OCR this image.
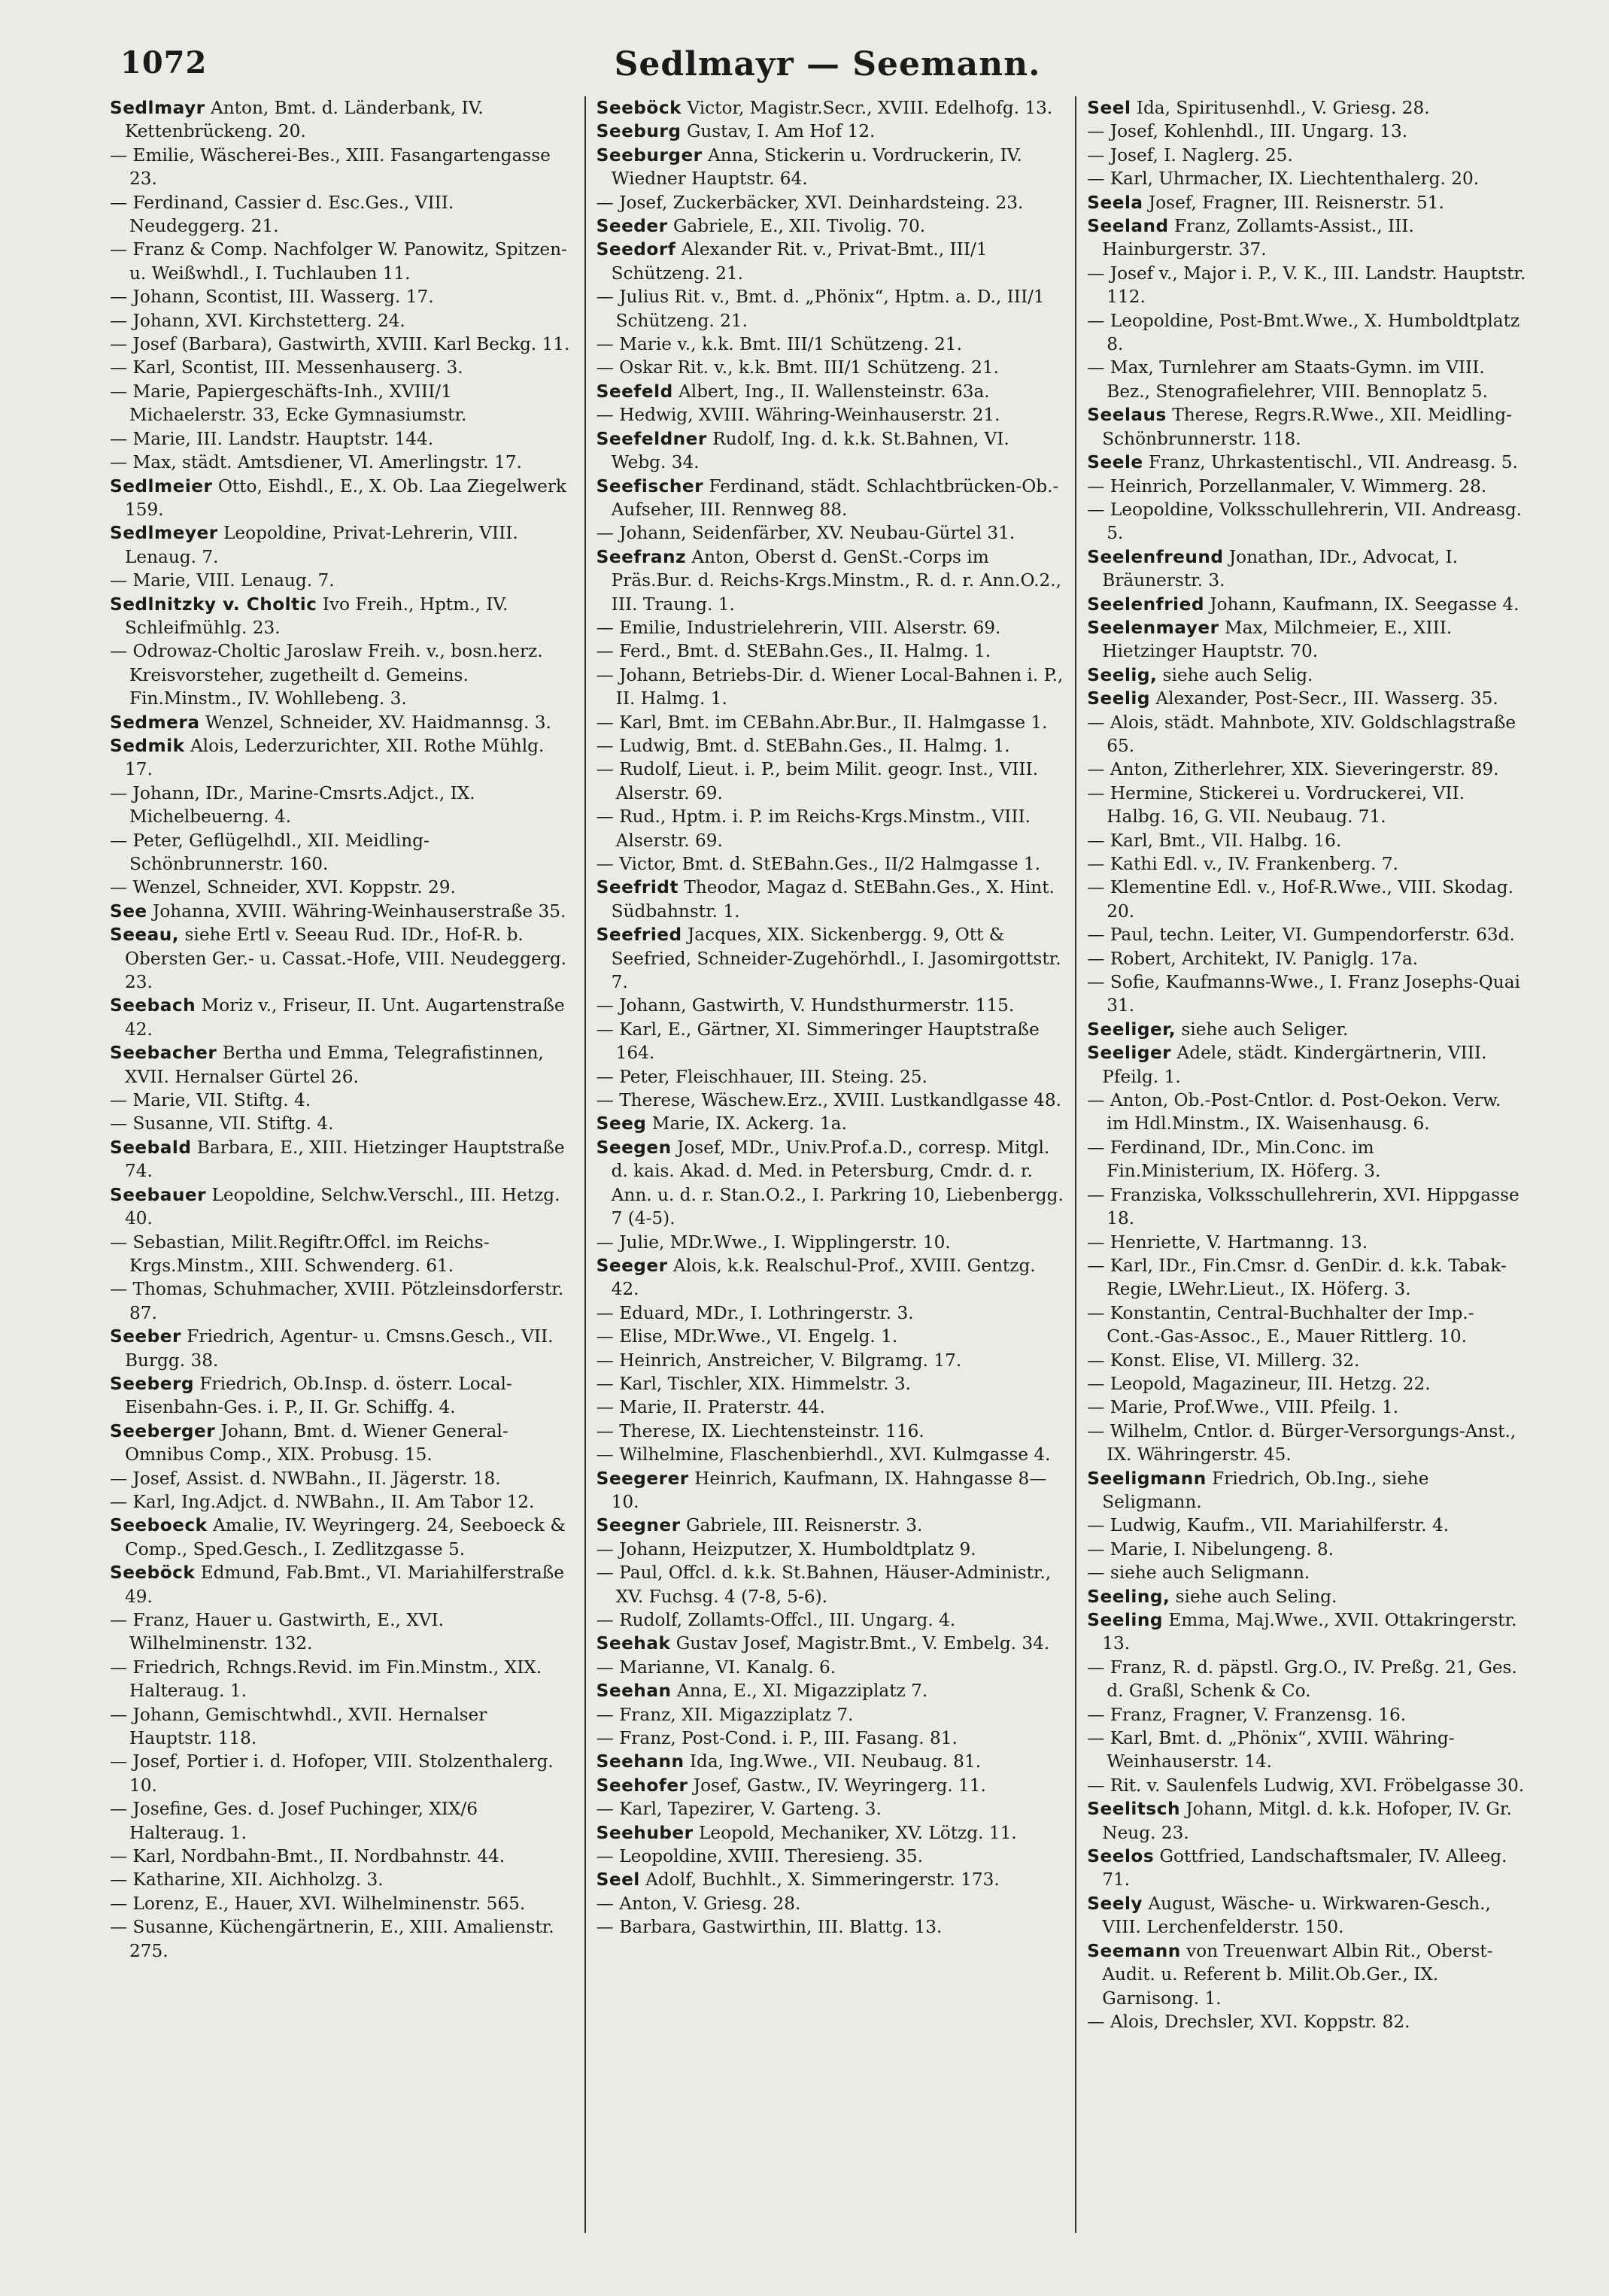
1072	Sedlmayr — Seemann.
Sedlmayr Anton, Bmt. d. Länderbank, IV. Kettenbrückeng. 20.
— Emilie, Wäscherei-Bes., XIII. Fasangartengasse 23.
— Ferdinand, Cassier d. Esc.Ges., VIII. Neudeggerg. 21.
— Franz & Comp. Nachfolger W. Panowitz, Spitzen- u. Weißwhdl., I. Tuchlauben 11.
— Johann, Scontist, III. Wasserg. 17.
— Johann, XVI. Kirchstetterg. 24.
— Josef (Barbara), Gastwirth, XVIII. Karl Beckg. 11.
— Karl, Scontist, III. Messenhauserg. 3.
— Marie, Papiergeschäfts-Inh., XVIII/1 Michaelerstr. 33, Ecke Gymnasiumstr.
— Marie, III. Landstr. Hauptstr. 144.
— Max, städt. Amtsdiener, VI. Amerlingstr. 17.
Sedlmeier Otto, Eishdl., E., X. Ob. Laa Ziegelwerk 159.
Sedlmeyer Leopoldine, Privat-Lehrerin, VIII. Lenaug. 7.
— Marie, VIII. Lenaug. 7.
Sedlnitzky v. Choltic Ivo Freih., Hptm., IV. Schleifmühlg. 23.
— Odrowaz-Choltic Jaroslaw Freih. v., bosn.herz. Kreisvorsteher, zugetheilt d. Gemeins. Fin.Minstm., IV. Wohllebeng. 3.
Sedmera Wenzel, Schneider, XV. Haidmannsg. 3.
Sedmik Alois, Lederzurichter, XII. Rothe Mühlg. 17.
— Johann, IDr., Marine-Cmsrts.Adjct., IX. Michelbeuerng. 4.
— Peter, Geflügelhdl., XII. Meidling-Schönbrunnerstr. 160.
— Wenzel, Schneider, XVI. Koppstr. 29.
See Johanna, XVIII. Währing-Weinhauserstraße 35.
Seeau, siehe Ertl v. Seeau Rud. IDr., Hof-R. b. Obersten Ger.- u. Cassat.-Hofe, VIII. Neudeggerg. 23.
Seebach Moriz v., Friseur, II. Unt. Augartenstraße 42.
Seebacher Bertha und Emma, Telegrafistinnen, XVII. Hernalser Gürtel 26.
— Marie, VII. Stiftg. 4.
— Susanne, VII. Stiftg. 4.
Seebald Barbara, E., XIII. Hietzinger Hauptstraße 74.
Seebauer Leopoldine, Selchw.Verschl., III. Hetzg. 40.
— Sebastian, Milit.Regiftr.Offcl. im Reichs-Krgs.Minstm., XIII. Schwenderg. 61.
— Thomas, Schuhmacher, XVIII. Pötzleinsdorferstr. 87.
Seeber Friedrich, Agentur- u. Cmsns.Gesch., VII. Burgg. 38.
Seeberg Friedrich, Ob.Insp. d. österr. Local-Eisenbahn-Ges. i. P., II. Gr. Schiffg. 4.
Seeberger Johann, Bmt. d. Wiener General-Omnibus Comp., XIX. Probusg. 15.
— Josef, Assist. d. NWBahn., II. Jägerstr. 18.
— Karl, Ing.Adjct. d. NWBahn., II. Am Tabor 12.
Seeboeck Amalie, IV. Weyringerg. 24, Seeboeck & Comp., Sped.Gesch., I. Zedlitzgasse 5.
Seeböck Edmund, Fab.Bmt., VI. Mariahilferstraße 49.
— Franz, Hauer u. Gastwirth, E., XVI. Wilhelminenstr. 132.
— Friedrich, Rchngs.Revid. im Fin.Minstm., XIX. Halteraug. 1.
— Johann, Gemischtwhdl., XVII. Hernalser Hauptstr. 118.
— Josef, Portier i. d. Hofoper, VIII. Stolzenthalerg. 10.
— Josefine, Ges. d. Josef Puchinger, XIX/6 Halteraug. 1.
— Karl, Nordbahn-Bmt., II. Nordbahnstr. 44.
— Katharine, XII. Aichholzg. 3.
— Lorenz, E., Hauer, XVI. Wilhelminenstr. 565.
— Susanne, Küchengärtnerin, E., XIII. Amalienstr. 275.
Seeböck Victor, Magistr.Secr., XVIII. Edelhofg. 13.
Seeburg Gustav, I. Am Hof 12.
Seeburger Anna, Stickerin u. Vordruckerin, IV. Wiedner Hauptstr. 64.
— Josef, Zuckerbäcker, XVI. Deinhardsteing. 23.
Seeder Gabriele, E., XII. Tivolig. 70.
Seedorf Alexander Rit. v., Privat-Bmt., III/1 Schützeng. 21.
— Julius Rit. v., Bmt. d. „Phönix“, Hptm. a. D., III/1 Schützeng. 21.
— Marie v., k.k. Bmt. III/1 Schützeng. 21.
— Oskar Rit. v., k.k. Bmt. III/1 Schützeng. 21.
Seefeld Albert, Ing., II. Wallensteinstr. 63a.
— Hedwig, XVIII. Währing-Weinhauserstr. 21.
Seefeldner Rudolf, Ing. d. k.k. St.Bahnen, VI. Webg. 34.
Seefischer Ferdinand, städt. Schlachtbrücken-Ob.-Aufseher, III. Rennweg 88.
— Johann, Seidenfärber, XV. Neubau-Gürtel 31.
Seefranz Anton, Oberst d. GenSt.-Corps im Präs.Bur. d. Reichs-Krgs.Minstm., R. d. r. Ann.O.2., III. Traung. 1.
— Emilie, Industrielehrerin, VIII. Alserstr. 69.
— Ferd., Bmt. d. StEBahn.Ges., II. Halmg. 1.
— Johann, Betriebs-Dir. d. Wiener Local-Bahnen i. P., II. Halmg. 1.
— Karl, Bmt. im CEBahn.Abr.Bur., II. Halmgasse 1.
— Ludwig, Bmt. d. StEBahn.Ges., II. Halmg. 1.
— Rudolf, Lieut. i. P., beim Milit. geogr. Inst., VIII. Alserstr. 69.
— Rud., Hptm. i. P. im Reichs-Krgs.Minstm., VIII. Alserstr. 69.
— Victor, Bmt. d. StEBahn.Ges., II/2 Halmgasse 1.
Seefridt Theodor, Magaz d. StEBahn.Ges., X. Hint. Südbahnstr. 1.
Seefried Jacques, XIX. Sickenbergg. 9, Ott & Seefried, Schneider-Zugehörhdl., I. Jasomirgottstr. 7.
— Johann, Gastwirth, V. Hundsthurmerstr. 115.
— Karl, E., Gärtner, XI. Simmeringer Hauptstraße 164.
— Peter, Fleischhauer, III. Steing. 25.
— Therese, Wäschew.Erz., XVIII. Lustkandlgasse 48.
Seeg Marie, IX. Ackerg. 1a.
Seegen Josef, MDr., Univ.Prof.a.D., corresp. Mitgl. d. kais. Akad. d. Med. in Petersburg, Cmdr. d. r. Ann. u. d. r. Stan.O.2., I. Parkring 10, Liebenbergg. 7 (4-5).
— Julie, MDr.Wwe., I. Wipplingerstr. 10.
Seeger Alois, k.k. Realschul-Prof., XVIII. Gentzg. 42.
— Eduard, MDr., I. Lothringerstr. 3.
— Elise, MDr.Wwe., VI. Engelg. 1.
— Heinrich, Anstreicher, V. Bilgramg. 17.
— Karl, Tischler, XIX. Himmelstr. 3.
— Marie, II. Praterstr. 44.
— Therese, IX. Liechtensteinstr. 116.
— Wilhelmine, Flaschenbierhdl., XVI. Kulmgasse 4.
Seegerer Heinrich, Kaufmann, IX. Hahngasse 8—10.
Seegner Gabriele, III. Reisnerstr. 3.
— Johann, Heizputzer, X. Humboldtplatz 9.
— Paul, Offcl. d. k.k. St.Bahnen, Häuser-Administr., XV. Fuchsg. 4 (7-8, 5-6).
— Rudolf, Zollamts-Offcl., III. Ungarg. 4.
Seehak Gustav Josef, Magistr.Bmt., V. Embelg. 34.
— Marianne, VI. Kanalg. 6.
Seehan Anna, E., XI. Migazziplatz 7.
— Franz, XII. Migazziplatz 7.
— Franz, Post-Cond. i. P., III. Fasang. 81.
Seehann Ida, Ing.Wwe., VII. Neubaug. 81.
Seehofer Josef, Gastw., IV. Weyringerg. 11.
— Karl, Tapezirer, V. Garteng. 3.
Seehuber Leopold, Mechaniker, XV. Lötzg. 11.
— Leopoldine, XVIII. Theresieng. 35.
Seel Adolf, Buchhlt., X. Simmeringerstr. 173.
— Anton, V. Griesg. 28.
— Barbara, Gastwirthin, III. Blattg. 13.
Seel Ida, Spiritusenhdl., V. Griesg. 28.
— Josef, Kohlenhdl., III. Ungarg. 13.
— Josef, I. Naglerg. 25.
— Karl, Uhrmacher, IX. Liechtenthalerg. 20.
Seela Josef, Fragner, III. Reisnerstr. 51.
Seeland Franz, Zollamts-Assist., III. Hainburgerstr. 37.
— Josef v., Major i. P., V. K., III. Landstr. Hauptstr. 112.
— Leopoldine, Post-Bmt.Wwe., X. Humboldtplatz 8.
— Max, Turnlehrer am Staats-Gymn. im VIII. Bez., Stenografielehrer, VIII. Bennoplatz 5.
Seelaus Therese, Regrs.R.Wwe., XII. Meidling-Schönbrunnerstr. 118.
Seele Franz, Uhrkastentischl., VII. Andreasg. 5.
— Heinrich, Porzellanmaler, V. Wimmerg. 28.
— Leopoldine, Volksschullehrerin, VII. Andreasg. 5.
Seelenfreund Jonathan, IDr., Advocat, I. Bräunerstr. 3.
Seelenfried Johann, Kaufmann, IX. Seegasse 4.
Seelenmayer Max, Milchmeier, E., XIII. Hietzinger Hauptstr. 70.
Seelig, siehe auch Selig.
Seelig Alexander, Post-Secr., III. Wasserg. 35.
— Alois, städt. Mahnbote, XIV. Goldschlagstraße 65.
— Anton, Zitherlehrer, XIX. Sieveringerstr. 89.
— Hermine, Stickerei u. Vordruckerei, VII. Halbg. 16, G. VII. Neubaug. 71.
— Karl, Bmt., VII. Halbg. 16.
— Kathi Edl. v., IV. Frankenberg. 7.
— Klementine Edl. v., Hof-R.Wwe., VIII. Skodag. 20.
— Paul, techn. Leiter, VI. Gumpendorferstr. 63d.
— Robert, Architekt, IV. Paniglg. 17a.
— Sofie, Kaufmanns-Wwe., I. Franz Josephs-Quai 31.
Seeliger, siehe auch Seliger.
Seeliger Adele, städt. Kindergärtnerin, VIII. Pfeilg. 1.
— Anton, Ob.-Post-Cntlor. d. Post-Oekon. Verw. im Hdl.Minstm., IX. Waisenhausg. 6.
— Ferdinand, IDr., Min.Conc. im Fin.Ministerium, IX. Höferg. 3.
— Franziska, Volksschullehrerin, XVI. Hippgasse 18.
— Henriette, V. Hartmanng. 13.
— Karl, IDr., Fin.Cmsr. d. GenDir. d. k.k. Tabak-Regie, LWehr.Lieut., IX. Höferg. 3.
— Konstantin, Central-Buchhalter der Imp.-Cont.-Gas-Assoc., E., Mauer Rittlerg. 10.
— Konst. Elise, VI. Millerg. 32.
— Leopold, Magazineur, III. Hetzg. 22.
— Marie, Prof.Wwe., VIII. Pfeilg. 1.
— Wilhelm, Cntlor. d. Bürger-Versorgungs-Anst., IX. Währingerstr. 45.
Seeligmann Friedrich, Ob.Ing., siehe Seligmann.
— Ludwig, Kaufm., VII. Mariahilferstr. 4.
— Marie, I. Nibelungeng. 8.
— siehe auch Seligmann.
Seeling, siehe auch Seling.
Seeling Emma, Maj.Wwe., XVII. Ottakringerstr. 13.
— Franz, R. d. päpstl. Grg.O., IV. Preßg. 21, Ges. d. Graßl, Schenk & Co.
— Franz, Fragner, V. Franzensg. 16.
— Karl, Bmt. d. „Phönix“, XVIII. Währing-Weinhauserstr. 14.
— Rit. v. Saulenfels Ludwig, XVI. Fröbelgasse 30.
Seelitsch Johann, Mitgl. d. k.k. Hofoper, IV. Gr. Neug. 23.
Seelos Gottfried, Landschaftsmaler, IV. Alleeg. 71.
Seely August, Wäsche- u. Wirkwaren-Gesch., VIII. Lerchenfelderstr. 150.
Seemann von Treuenwart Albin Rit., Oberst-Audit. u. Referent b. Milit.Ob.Ger., IX. Garnisong. 1.
— Alois, Drechsler, XVI. Koppstr. 82.
